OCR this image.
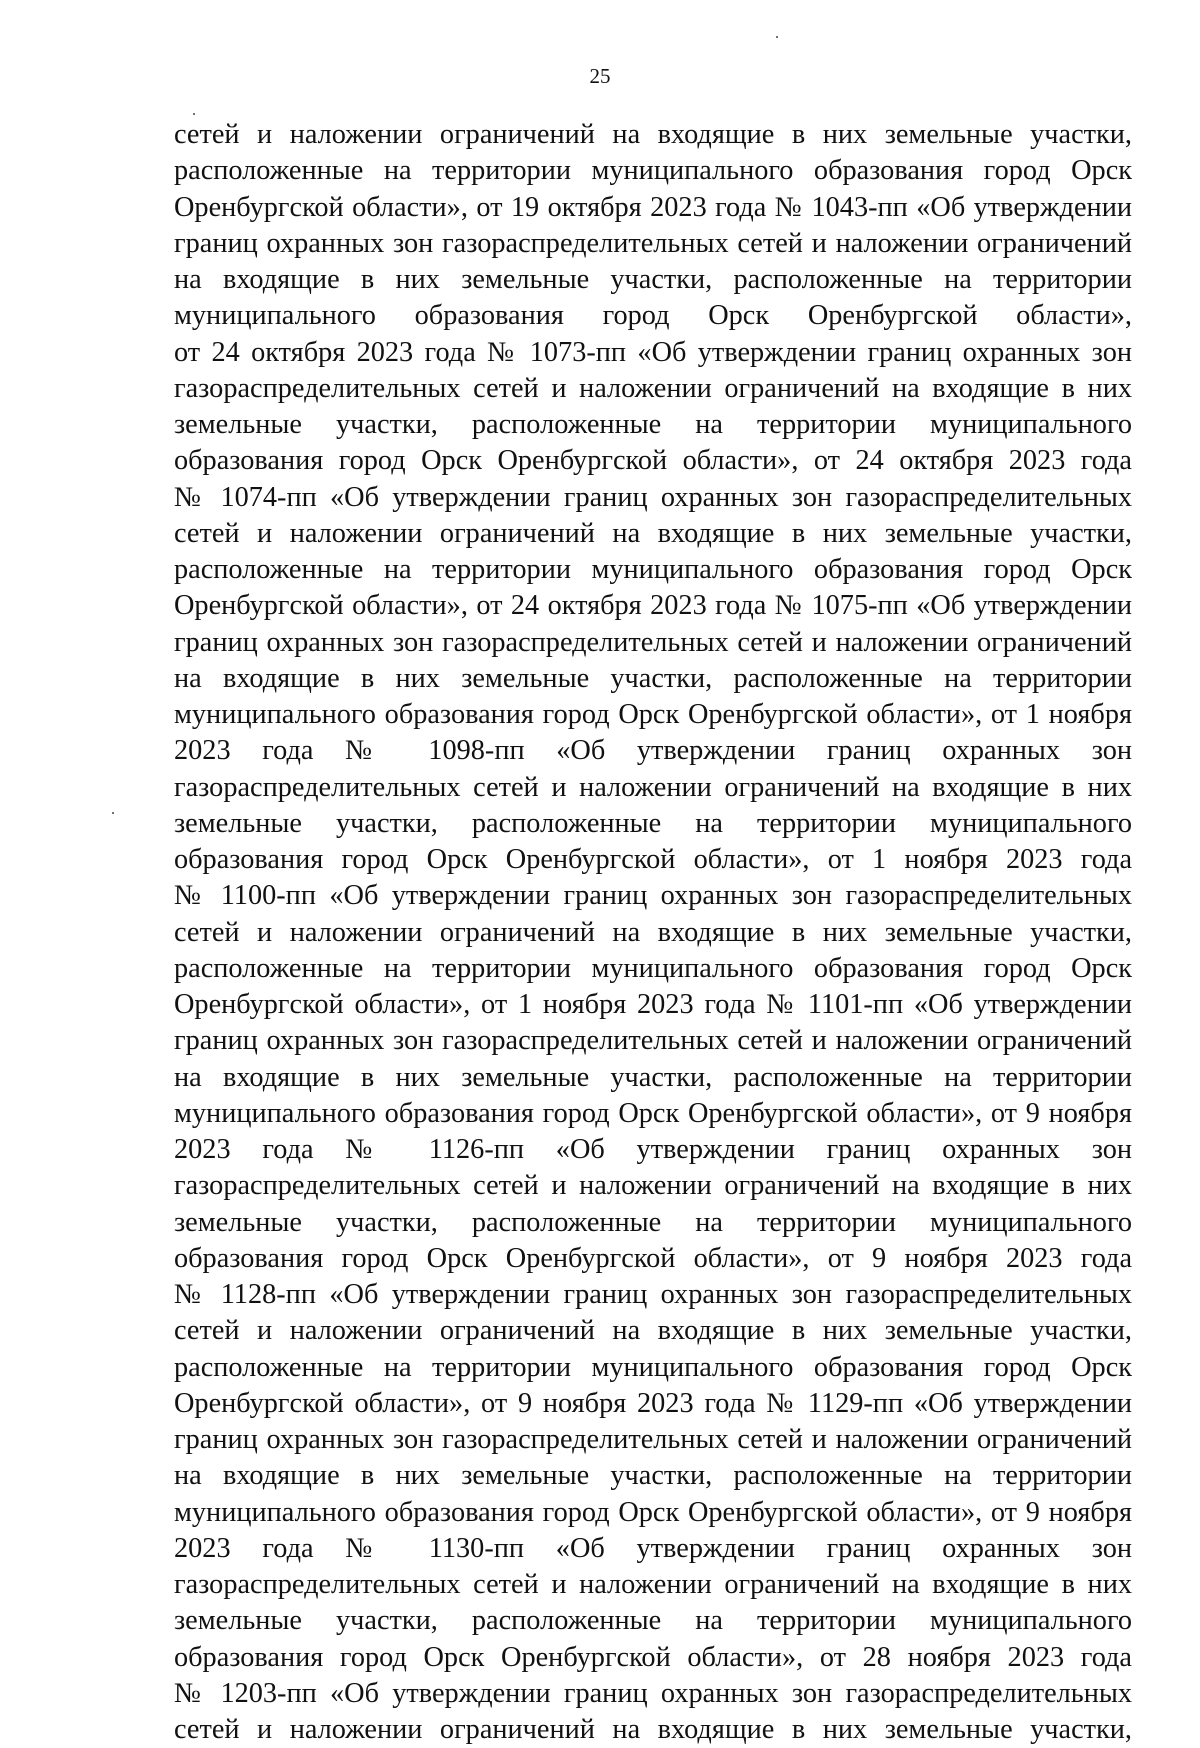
25
сетей и наложении ограничений на входящие в них земельные участки,
расположенные на территории муниципального образования город Орск
Оренбургской области», от 19 октября 2023 года № 1043-пп «Об утверждении
границ охранных зон газораспределительных сетей и наложении ограничений
на входящие в них земельные участки, расположенные на территории
муниципального образования город Орск Оренбургской области»,
от 24 октября 2023 года № 1073-пп «Об утверждении границ охранных зон
газораспределительных сетей и наложении ограничений на входящие в них
земельные участки, расположенные на территории муниципального
образования город Орск Оренбургской области», от 24 октября 2023 года
№ 1074-пп «Об утверждении границ охранных зон газораспределительных
сетей и наложении ограничений на входящие в них земельные участки,
расположенные на территории муниципального образования город Орск
Оренбургской области», от 24 октября 2023 года № 1075-пп «Об утверждении
границ охранных зон газораспределительных сетей и наложении ограничений
на входящие в них земельные участки, расположенные на территории
муниципального образования город Орск Оренбургской области», от 1 ноября
2023 года № 1098-пп «Об утверждении границ охранных зон
газораспределительных сетей и наложении ограничений на входящие в них
земельные участки, расположенные на территории муниципального
образования город Орск Оренбургской области», от 1 ноября 2023 года
№ 1100-пп «Об утверждении границ охранных зон газораспределительных
сетей и наложении ограничений на входящие в них земельные участки,
расположенные на территории муниципального образования город Орск
Оренбургской области», от 1 ноября 2023 года № 1101-пп «Об утверждении
границ охранных зон газораспределительных сетей и наложении ограничений
на входящие в них земельные участки, расположенные на территории
муниципального образования город Орск Оренбургской области», от 9 ноября
2023 года № 1126-пп «Об утверждении границ охранных зон
газораспределительных сетей и наложении ограничений на входящие в них
земельные участки, расположенные на территории муниципального
образования город Орск Оренбургской области», от 9 ноября 2023 года
№ 1128-пп «Об утверждении границ охранных зон газораспределительных
сетей и наложении ограничений на входящие в них земельные участки,
расположенные на территории муниципального образования город Орск
Оренбургской области», от 9 ноября 2023 года № 1129-пп «Об утверждении
границ охранных зон газораспределительных сетей и наложении ограничений
на входящие в них земельные участки, расположенные на территории
муниципального образования город Орск Оренбургской области», от 9 ноября
2023 года № 1130-пп «Об утверждении границ охранных зон
газораспределительных сетей и наложении ограничений на входящие в них
земельные участки, расположенные на территории муниципального
образования город Орск Оренбургской области», от 28 ноября 2023 года
№ 1203-пп «Об утверждении границ охранных зон газораспределительных
сетей и наложении ограничений на входящие в них земельные участки,
